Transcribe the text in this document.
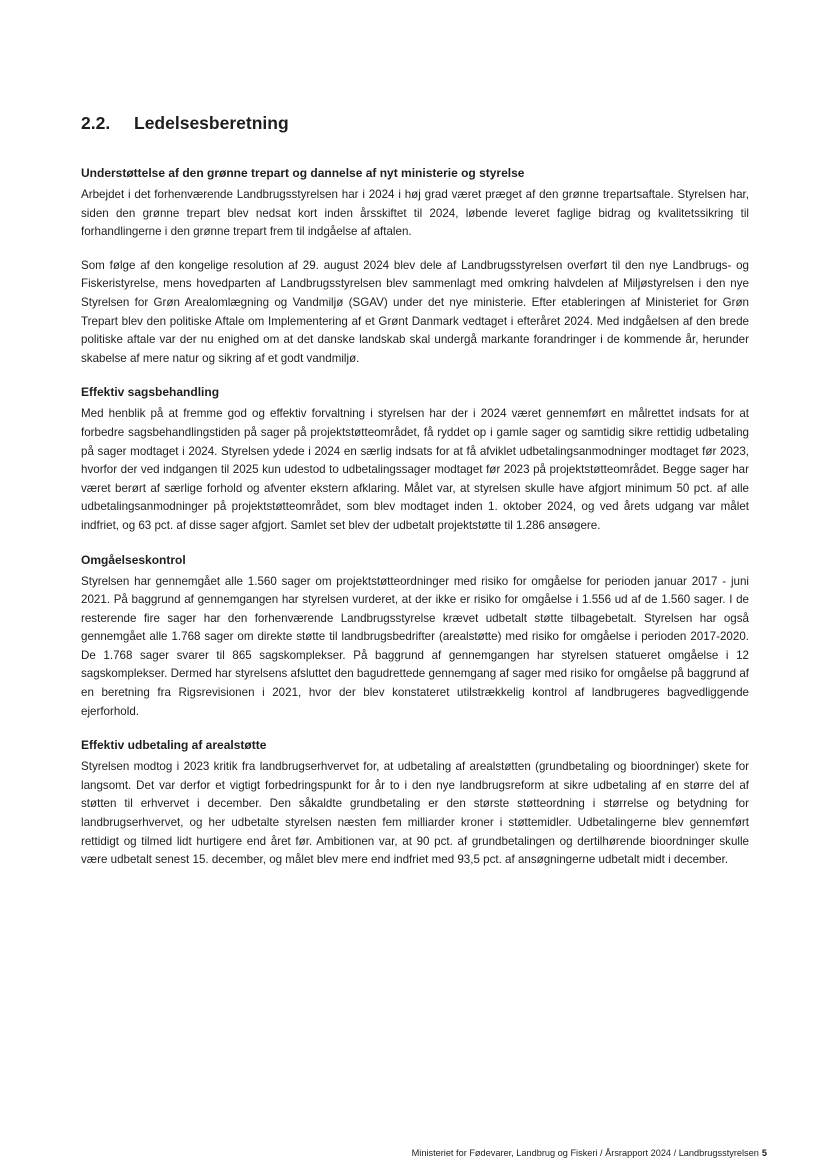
2.2. Ledelsesberetning
Understøttelse af den grønne trepart og dannelse af nyt ministerie og styrelse

Arbejdet i det forhenværende Landbrugsstyrelsen har i 2024 i høj grad været præget af den grønne trepartsaftale. Styrelsen har, siden den grønne trepart blev nedsat kort inden årsskiftet til 2024, løbende leveret faglige bidrag og kvalitetssikring til forhandlingerne i den grønne trepart frem til indgåelse af aftalen.

Som følge af den kongelige resolution af 29. august 2024 blev dele af Landbrugsstyrelsen overført til den nye Landbrugs- og Fiskeristyrelse, mens hovedparten af Landbrugsstyrelsen blev sammenlagt med omkring halvdelen af Miljøstyrelsen i den nye Styrelsen for Grøn Arealomlægning og Vandmiljø (SGAV) under det nye ministerie. Efter etableringen af Ministeriet for Grøn Trepart blev den politiske Aftale om Implementering af et Grønt Danmark vedtaget i efteråret 2024. Med indgåelsen af den brede politiske aftale var der nu enighed om at det danske landskab skal undergå markante forandringer i de kommende år, herunder skabelse af mere natur og sikring af et godt vandmiljø.

Effektiv sagsbehandling

Med henblik på at fremme god og effektiv forvaltning i styrelsen har der i 2024 været gennemført en målrettet indsats for at forbedre sagsbehandlingstiden på sager på projektstøtteområdet, få ryddet op i gamle sager og samtidig sikre rettidig udbetaling på sager modtaget i 2024. Styrelsen ydede i 2024 en særlig indsats for at få afviklet udbetalingsanmodninger modtaget før 2023, hvorfor der ved indgangen til 2025 kun udestod to udbetalingssager modtaget før 2023 på projektstøtteområdet. Begge sager har været berørt af særlige forhold og afventer ekstern afklaring. Målet var, at styrelsen skulle have afgjort minimum 50 pct. af alle udbetalingsanmodninger på projektstøtteområdet, som blev modtaget inden 1. oktober 2024, og ved årets udgang var målet indfriet, og 63 pct. af disse sager afgjort. Samlet set blev der udbetalt projektstøtte til 1.286 ansøgere.

Omgåelseskontrol

Styrelsen har gennemgået alle 1.560 sager om projektstøtteordninger med risiko for omgåelse for perioden januar 2017 - juni 2021. På baggrund af gennemgangen har styrelsen vurderet, at der ikke er risiko for omgåelse i 1.556 ud af de 1.560 sager. I de resterende fire sager har den forhenværende Landbrugsstyrelse krævet udbetalt støtte tilbagebetalt. Styrelsen har også gennemgået alle 1.768 sager om direkte støtte til landbrugsbedrifter (arealstøtte) med risiko for omgåelse i perioden 2017-2020. De 1.768 sager svarer til 865 sagskomplekser. På baggrund af gennemgangen har styrelsen statueret omgåelse i 12 sagskomplekser. Dermed har styrelsens afsluttet den bagudrettede gennemgang af sager med risiko for omgåelse på baggrund af en beretning fra Rigsrevisionen i 2021, hvor der blev konstateret utilstrækkelig kontrol af landbrugeres bagvedliggende ejerforhold.

Effektiv udbetaling af arealstøtte

Styrelsen modtog i 2023 kritik fra landbrugserhvervet for, at udbetaling af arealstøtten (grundbetaling og bioordninger) skete for langsomt. Det var derfor et vigtigt forbedringspunkt for år to i den nye landbrugsreform at sikre udbetaling af en større del af støtten til erhvervet i december. Den såkaldte grundbetaling er den største støtteordning i størrelse og betydning for landbrugserhvervet, og her udbetalte styrelsen næsten fem milliarder kroner i støttemidler. Udbetalingerne blev gennemført rettidigt og tilmed lidt hurtigere end året før. Ambitionen var, at 90 pct. af grundbetalingen og dertilhørende bioordninger skulle være udbetalt senest 15. december, og målet blev mere end indfriet med 93,5 pct. af ansøgningerne udbetalt midt i december.

Ministeriet for Fødevarer, Landbrug og Fiskeri / Årsrapport 2024 / Landbrugsstyrelsen 5
